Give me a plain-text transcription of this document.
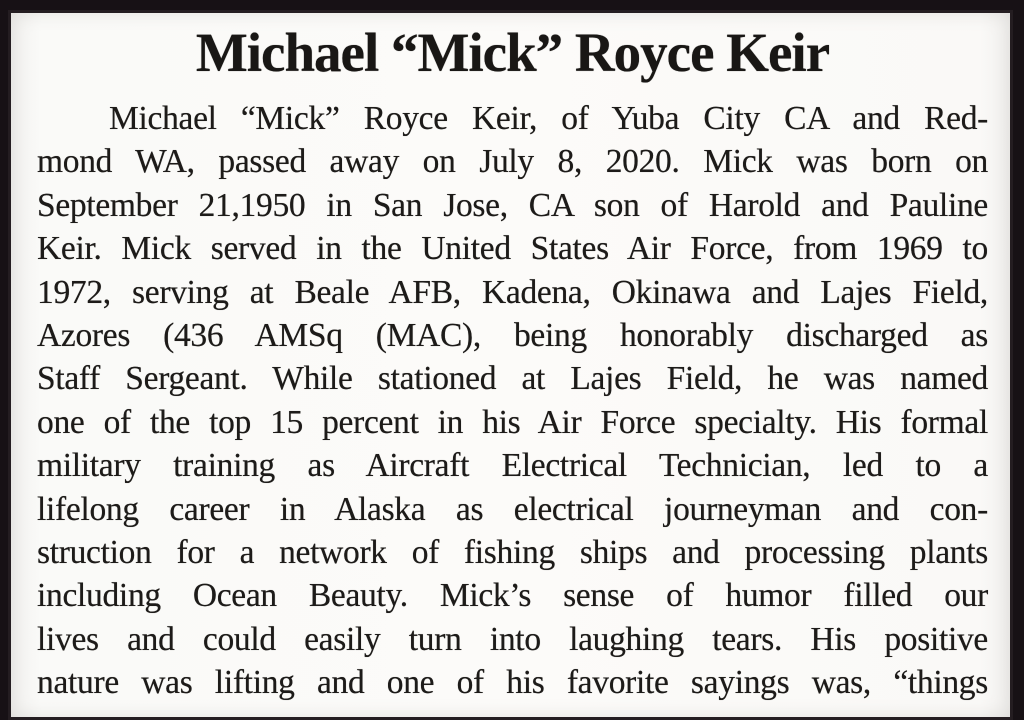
Michael “Mick” Royce Keir
Michael “Mick” Royce Keir, of Yuba City CA and Red-
mond WA, passed away on July 8, 2020. Mick was born on
September 21,1950 in San Jose, CA son of Harold and Pauline
Keir. Mick served in the United States Air Force, from 1969 to
1972, serving at Beale AFB, Kadena, Okinawa and Lajes Field,
Azores (436 AMSq (MAC), being honorably discharged as
Staff Sergeant. While stationed at Lajes Field, he was named
one of the top 15 percent in his Air Force specialty. His formal
military training as Aircraft Electrical Technician, led to a
lifelong career in Alaska as electrical journeyman and con-
struction for a network of fishing ships and processing plants
including Ocean Beauty. Mick’s sense of humor filled our
lives and could easily turn into laughing tears. His positive
nature was lifting and one of his favorite sayings was, “things
